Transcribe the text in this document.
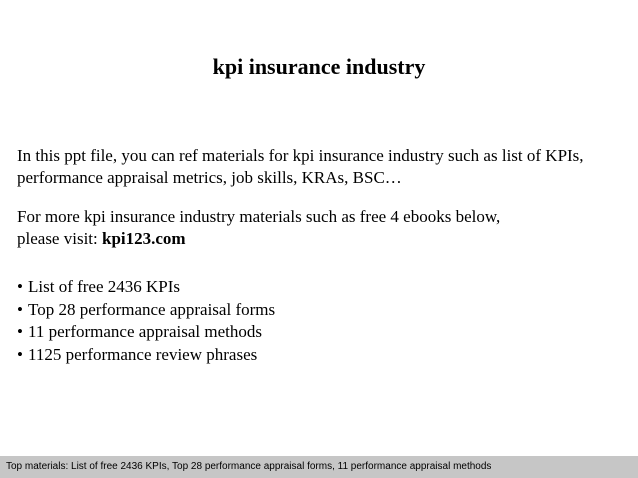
kpi insurance industry
In this ppt file, you can ref materials for kpi insurance industry such as list of KPIs,
performance appraisal metrics, job skills, KRAs, BSC…
For more kpi insurance industry materials such as free 4 ebooks below,
please visit: kpi123.com
• List of free 2436 KPIs
• Top 28 performance appraisal forms
• 11 performance appraisal methods
• 1125 performance review phrases
Top materials: List of free 2436 KPIs, Top 28 performance appraisal forms, 11 performance appraisal methods
